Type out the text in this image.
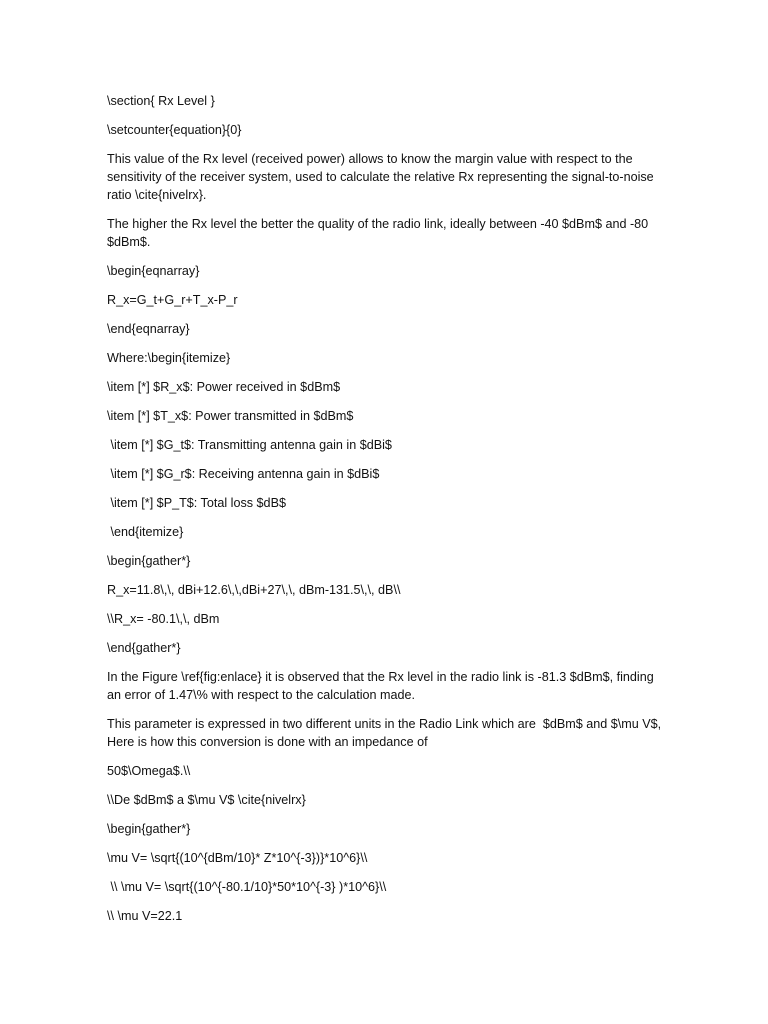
\section{ Rx Level }

\setcounter{equation}{0}

This value of the Rx level (received power) allows to know the margin value with respect to the sensitivity of the receiver system, used to calculate the relative Rx representing the signal-to-noise ratio \cite{nivelrx}.

The higher the Rx level the better the quality of the radio link, ideally between -40 $dBm$ and -80 $dBm$.

\begin{eqnarray}

R_x=G_t+G_r+T_x-P_r

\end{eqnarray}

Where:\begin{itemize}

\item [*] $R_x$: Power received in $dBm$

\item [*] $T_x$: Power transmitted in $dBm$

\item [*] $G_t$: Transmitting antenna gain in $dBi$

\item [*] $G_r$: Receiving antenna gain in $dBi$

\item [*] $P_T$: Total loss $dB$

\end{itemize}

\begin{gather*}

R_x=11.8\,\, dBi+12.6\,\,dBi+27\,\, dBm-131.5\,\, dB\\

\\R_x= -80.1\,\, dBm

\end{gather*}

In the Figure \ref{fig:enlace} it is observed that the Rx level in the radio link is -81.3 $dBm$, finding an error of 1.47\% with respect to the calculation made.

This parameter is expressed in two different units in the Radio Link which are  $dBm$ and $\mu V$, Here is how this conversion is done with an impedance of

50$\Omega$.\\

\\De $dBm$ a $\mu V$ \cite{nivelrx}

\begin{gather*}

\mu V= \sqrt{(10^{dBm/10}* Z*10^{-3})}*10^6}\\

\\ \mu V= \sqrt{(10^{-80.1/10}*50*10^{-3} )*10^6}\\

\\ \mu V=22.1
